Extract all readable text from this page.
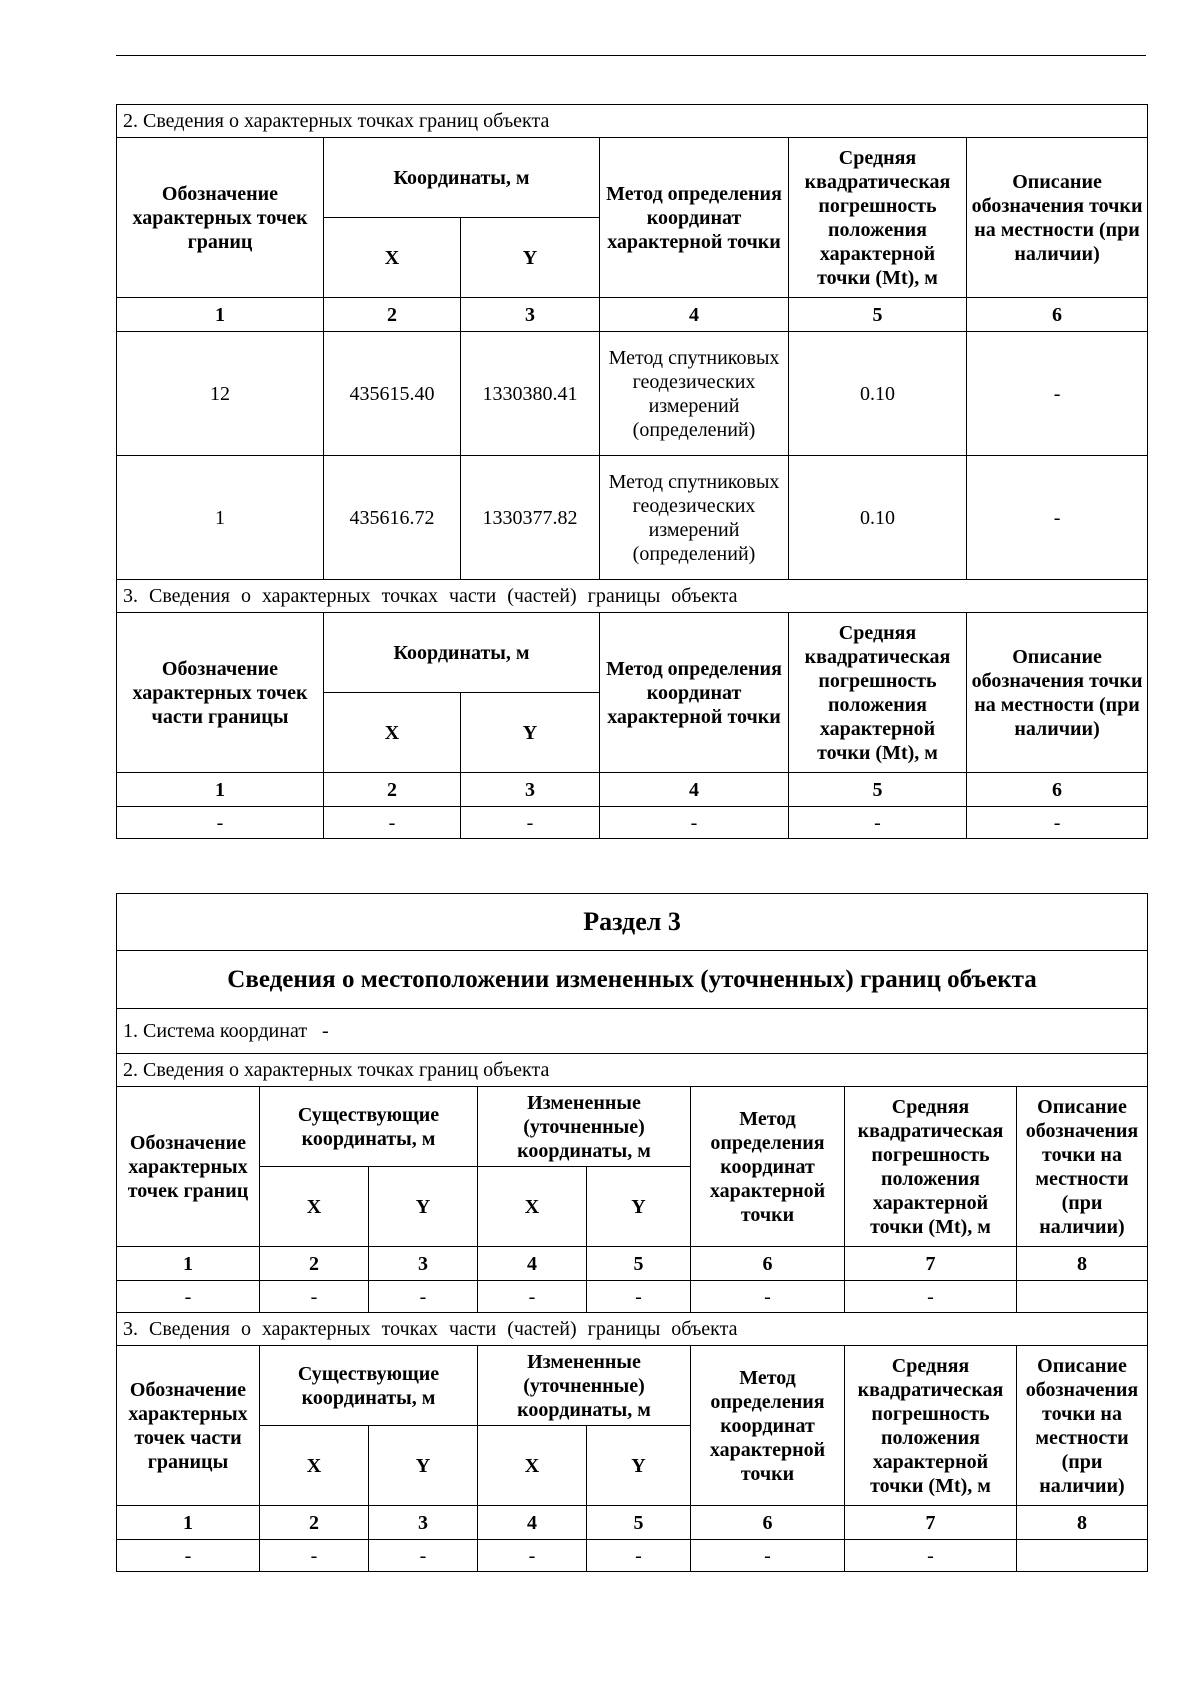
2. Сведения о характерных точках границ объекта					
Обозначение характерных точек границ	Координаты, м		Метод определения координат характерной точки	Средняя квадратическая погрешность положения характерной точки (Mt), м	Описание обозначения точки на местности (при наличии)
	X	Y			
1	2	3	4	5	6
12	435615.40	1330380.41	Метод спутниковых геодезических измерений (определений)	0.10	-
1	435616.72	1330377.82	Метод спутниковых геодезических измерений (определений)	0.10	-
3. Сведения о характерных точках части (частей) границы объекта					
Обозначение характерных точек части границы	Координаты, м		Метод определения координат характерной точки	Средняя квадратическая погрешность положения характерной точки (Mt), м	Описание обозначения точки на местности (при наличии)
	X	Y			
1	2	3	4	5	6
-	-	-	-	-	-
Раздел 3							
Сведения о местоположении измененных (уточненных) границ объекта							
1. Система координат   -							
2. Сведения о характерных точках границ объекта							
Обозначение характерных точек границ	Существующие координаты, м		Измененные (уточненные) координаты, м		Метод определения координат характерной точки	Средняя квадратическая погрешность положения характерной точки (Mt), м	Описание обозначения точки на местности (при наличии)
	X	Y	X	Y			
1	2	3	4	5	6	7	8
-	-	-	-	-	-	-	
3. Сведения о характерных точках части (частей) границы объекта							
Обозначение характерных точек части границы	Существующие координаты, м		Измененные (уточненные) координаты, м		Метод определения координат характерной точки	Средняя квадратическая погрешность положения характерной точки (Mt), м	Описание обозначения точки на местности (при наличии)
	X	Y	X	Y			
1	2	3	4	5	6	7	8
-	-	-	-	-	-	-	
